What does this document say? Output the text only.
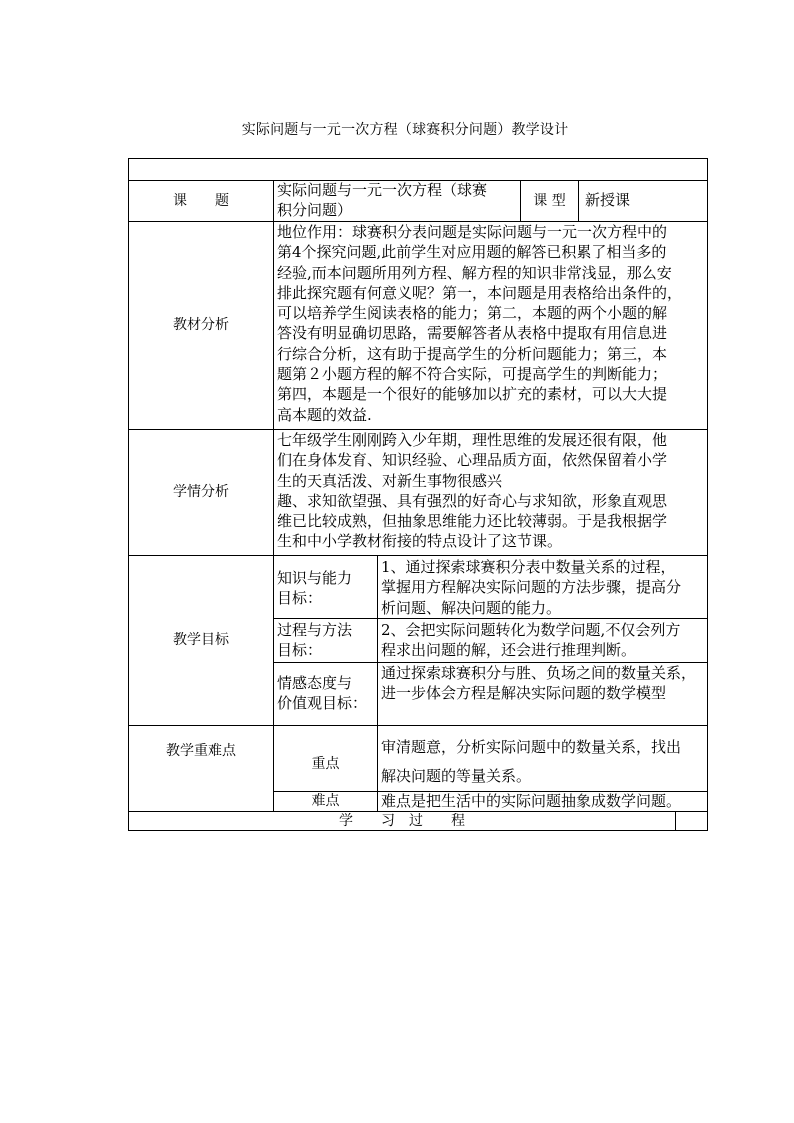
实际问题与一元一次方程（球赛积分问题）教学设计
课　　题

实际问题与一元一次方程（球赛

积分问题）

课 型	新授课
教材分析

地位作用：球赛积分表问题是实际问题与一元一次方程中的

第4个探究问题,此前学生对应用题的解答已积累了相当多的

经验,而本问题所用列方程、解方程的知识非常浅显，那么安

排此探究题有何意义呢？第一，本问题是用表格给出条件的，

可以培养学生阅读表格的能力；第二，本题的两个小题的解

答没有明显确切思路，需要解答者从表格中提取有用信息进

行综合分析，这有助于提高学生的分析问题能力；第三，本

题第２小题方程的解不符合实际，可提高学生的判断能力；

第四，本题是一个很好的能够加以扩充的素材，可以大大提

高本题的效益.

学情分析

七年级学生刚刚跨入少年期，理性思维的发展还很有限，他

们在身体发育、知识经验、心理品质方面，依然保留着小学

生的天真活泼、对新生事物很感兴

趣、求知欲望强、具有强烈的好奇心与求知欲，形象直观思

维已比较成熟，但抽象思维能力还比较薄弱。于是我根据学

生和中小学教材衔接的特点设计了这节课。

教学目标

知识与能力

目标：

1、通过探索球赛积分表中数量关系的过程，

掌握用方程解决实际问题的方法步骤，提高分

析问题、解决问题的能力。

过程与方法

目标：

2、会把实际问题转化为数学问题,不仅会列方

程求出问题的解，还会进行推理判断。

情感态度与

价值观目标：

通过探索球赛积分与胜、负场之间的数量关系，

进一步体会方程是解决实际问题的数学模型

教学重难点
重点

审清题意，分析实际问题中的数量关系，找出

解决问题的等量关系。

难点	难点是把生活中的实际问题抽象成数学问题。
学　　习　过　　程
